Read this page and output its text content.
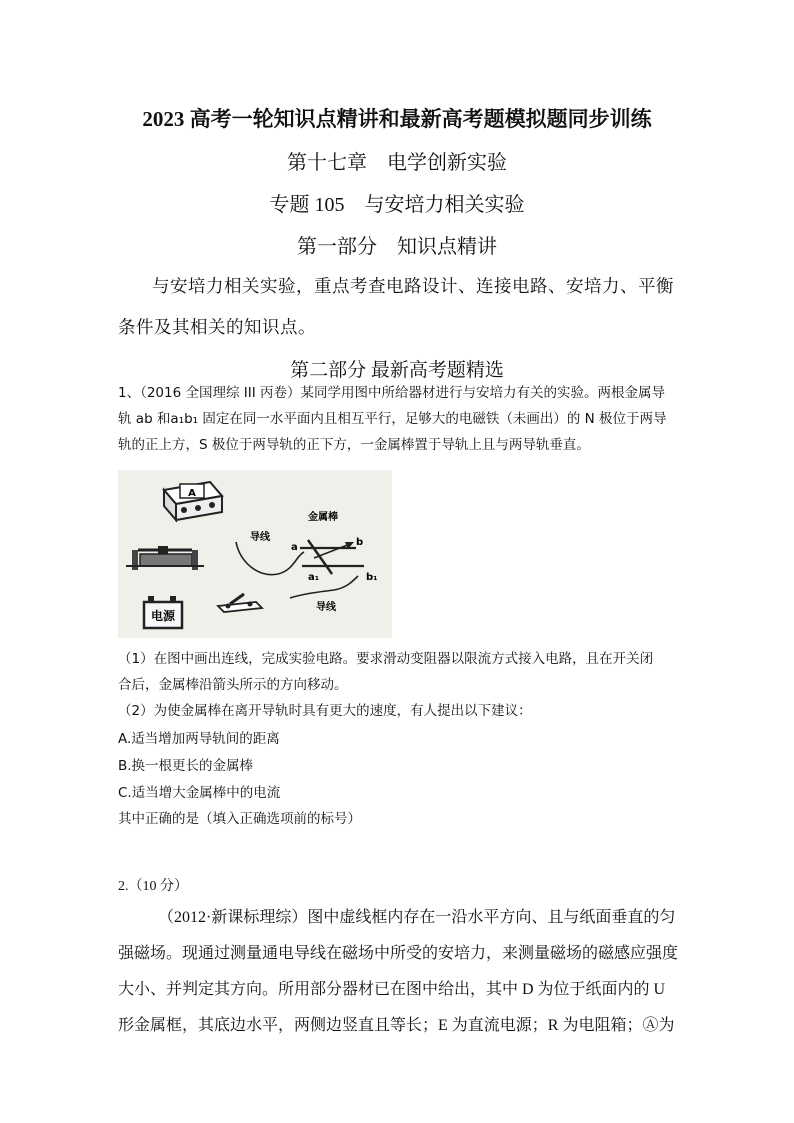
2023 高考一轮知识点精讲和最新高考题模拟题同步训练
第十七章　电学创新实验
专题 105　与安培力相关实验
第一部分　知识点精讲
与安培力相关实验，重点考查电路设计、连接电路、安培力、平衡条件及其相关的知识点。
第二部分 最新高考题精选
1、（2016 全国理综 III 丙卷）某同学用图中所给器材进行与安培力有关的实验。两根金属导轨 ab 和a₁b₁ 固定在同一水平面内且相互平行，足够大的电磁铁（未画出）的 N 极位于两导轨的正上方，S 极位于两导轨的正下方，一金属棒置于导轨上且与两导轨垂直。
A
电源
导线
导线
金属棒
a	b
a₁	b₁
（1）在图中画出连线，完成实验电路。要求滑动变阻器以限流方式接入电路，且在开关闭
合后，金属棒沿箭头所示的方向移动。
（2）为使金属棒在离开导轨时具有更大的速度，有人提出以下建议：
A.适当增加两导轨间的距离
B.换一根更长的金属棒
C.适当增大金属棒中的电流
其中正确的是（填入正确选项前的标号）
2.（10 分）
（2012·新课标理综）图中虚线框内存在一沿水平方向、且与纸面垂直的匀强磁场。现通过测量通电导线在磁场中所受的安培力，来测量磁场的磁感应强度大小、并判定其方向。所用部分器材已在图中给出，其中 D 为位于纸面内的 U 形金属框，其底边水平，两侧边竖直且等长；E 为直流电源；R 为电阻箱；Ⓐ为
